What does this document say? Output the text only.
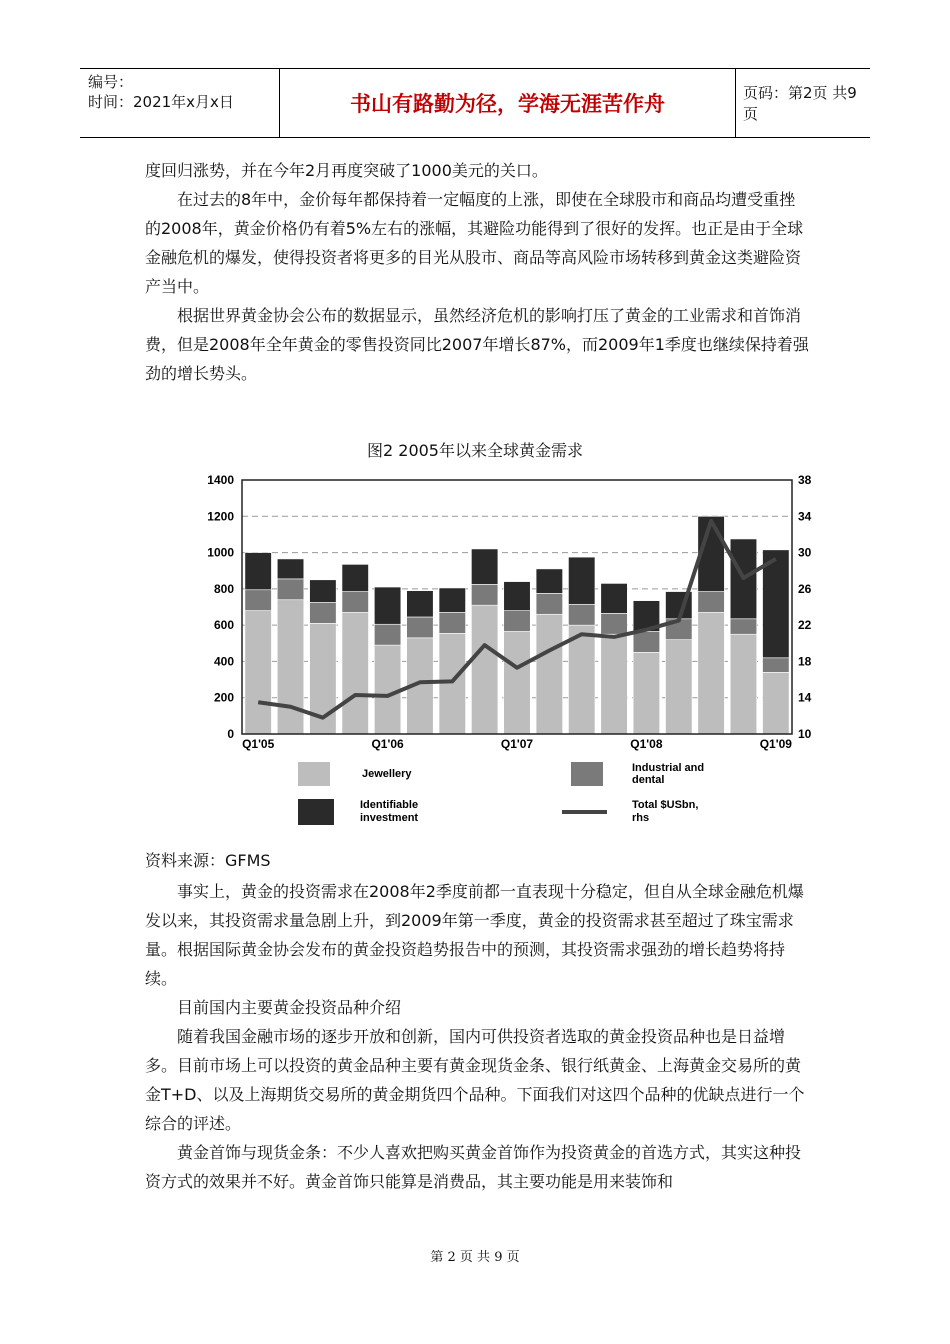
编号：
时间：2021年x月x日	书山有路勤为径，学海无涯苦作舟	页码：第2页 共9页

度回归涨势，并在今年2月再度突破了1000美元的关口。

在过去的8年中，金价每年都保持着一定幅度的上涨，即使在全球股市和商品均遭受重挫的2008年，黄金价格仍有着5%左右的涨幅，其避险功能得到了很好的发挥。也正是由于全球金融危机的爆发，使得投资者将更多的目光从股市、商品等高风险市场转移到黄金这类避险资产当中。

根据世界黄金协会公布的数据显示，虽然经济危机的影响打压了黄金的工业需求和首饰消费，但是2008年全年黄金的零售投资同比2007年增长87%，而2009年1季度也继续保持着强劲的增长势头。

图2 2005年以来全球黄金需求
0
200
400
600
800
1000
1200
1400
10
14
18
22
26
30
34
38
Q1'05	Q1'06	Q1'07	Q1'08	Q1'09
Jewellery	Industrial and
dental
Identifiable
investment
Total $USbn,
rhs
资料来源：GFMS

事实上，黄金的投资需求在2008年2季度前都一直表现十分稳定，但自从全球金融危机爆发以来，其投资需求量急剧上升，到2009年第一季度，黄金的投资需求甚至超过了珠宝需求量。根据国际黄金协会发布的黄金投资趋势报告中的预测，其投资需求强劲的增长趋势将持续。

目前国内主要黄金投资品种介绍

随着我国金融市场的逐步开放和创新，国内可供投资者选取的黄金投资品种也是日益增多。目前市场上可以投资的黄金品种主要有黄金现货金条、银行纸黄金、上海黄金交易所的黄金T+D、以及上海期货交易所的黄金期货四个品种。下面我们对这四个品种的优缺点进行一个综合的评述。

黄金首饰与现货金条：不少人喜欢把购买黄金首饰作为投资黄金的首选方式，其实这种投资方式的效果并不好。黄金首饰只能算是消费品，其主要功能是用来装饰和

第 2 页 共 9 页
